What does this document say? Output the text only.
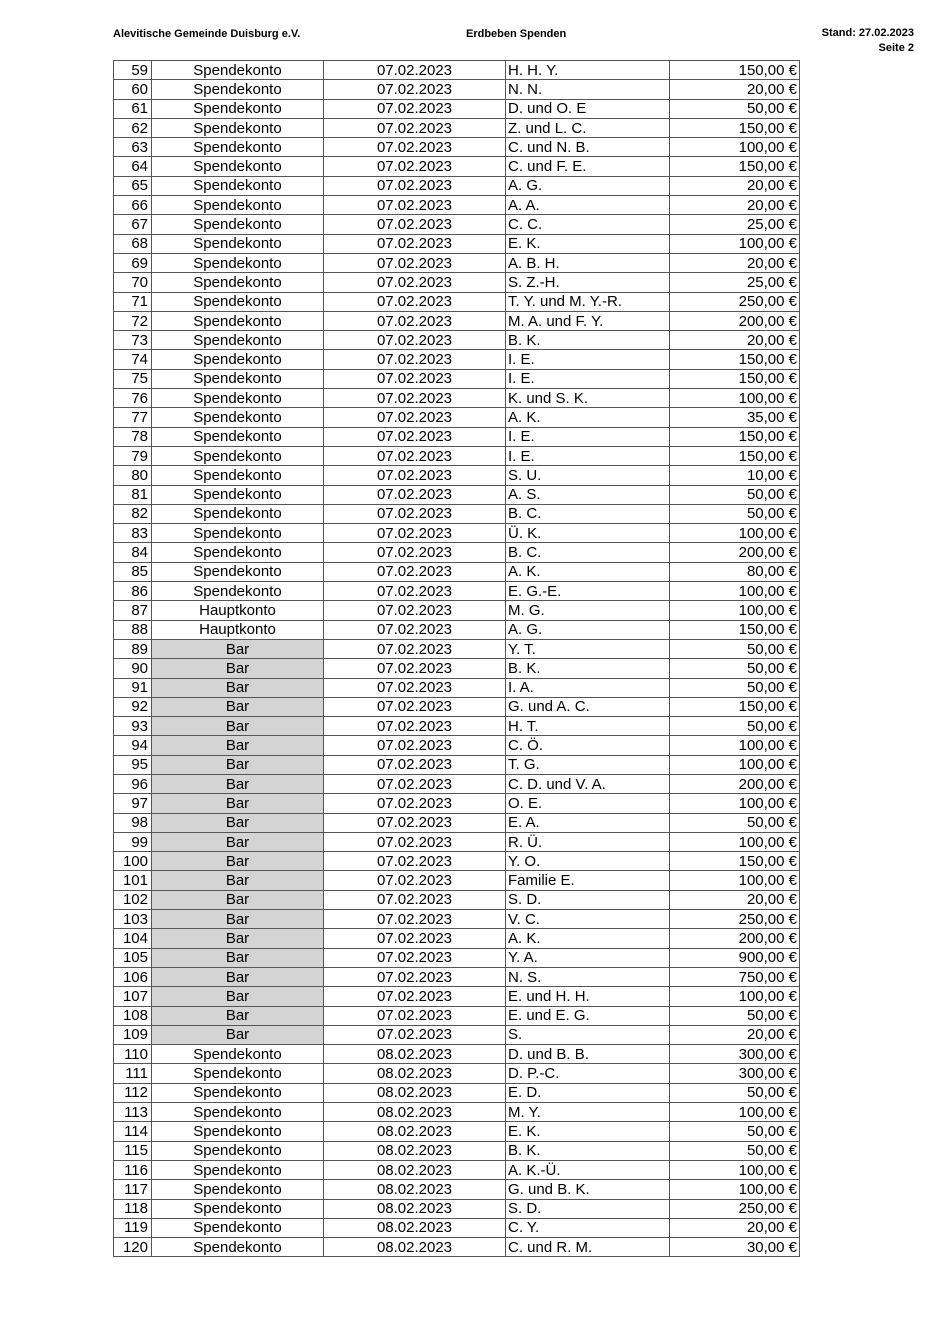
Alevitische Gemeinde Duisburg e.V.	Erdbeben Spenden	Stand: 27.02.2023
Seite 2
59	Spendekonto	07.02.2023	H. H. Y.	150,00 €
60	Spendekonto	07.02.2023	N. N.	20,00 €
61	Spendekonto	07.02.2023	D. und O. E	50,00 €
62	Spendekonto	07.02.2023	Z. und L. C.	150,00 €
63	Spendekonto	07.02.2023	C. und N. B.	100,00 €
64	Spendekonto	07.02.2023	C. und F. E.	150,00 €
65	Spendekonto	07.02.2023	A. G.	20,00 €
66	Spendekonto	07.02.2023	A. A.	20,00 €
67	Spendekonto	07.02.2023	C. C.	25,00 €
68	Spendekonto	07.02.2023	E. K.	100,00 €
69	Spendekonto	07.02.2023	A. B. H.	20,00 €
70	Spendekonto	07.02.2023	S. Z.-H.	25,00 €
71	Spendekonto	07.02.2023	T. Y. und M. Y.-R.	250,00 €
72	Spendekonto	07.02.2023	M. A. und F. Y.	200,00 €
73	Spendekonto	07.02.2023	B. K.	20,00 €
74	Spendekonto	07.02.2023	I. E.	150,00 €
75	Spendekonto	07.02.2023	I. E.	150,00 €
76	Spendekonto	07.02.2023	K. und S. K.	100,00 €
77	Spendekonto	07.02.2023	A. K.	35,00 €
78	Spendekonto	07.02.2023	I. E.	150,00 €
79	Spendekonto	07.02.2023	I. E.	150,00 €
80	Spendekonto	07.02.2023	S. U.	10,00 €
81	Spendekonto	07.02.2023	A. S.	50,00 €
82	Spendekonto	07.02.2023	B. C.	50,00 €
83	Spendekonto	07.02.2023	Ü. K.	100,00 €
84	Spendekonto	07.02.2023	B. C.	200,00 €
85	Spendekonto	07.02.2023	A. K.	80,00 €
86	Spendekonto	07.02.2023	E. G.-E.	100,00 €
87	Hauptkonto	07.02.2023	M. G.	100,00 €
88	Hauptkonto	07.02.2023	A. G.	150,00 €
89	Bar	07.02.2023	Y. T.	50,00 €
90	Bar	07.02.2023	B. K.	50,00 €
91	Bar	07.02.2023	I. A.	50,00 €
92	Bar	07.02.2023	G. und A. C.	150,00 €
93	Bar	07.02.2023	H. T.	50,00 €
94	Bar	07.02.2023	C. Ö.	100,00 €
95	Bar	07.02.2023	T. G.	100,00 €
96	Bar	07.02.2023	C. D. und V. A.	200,00 €
97	Bar	07.02.2023	O. E.	100,00 €
98	Bar	07.02.2023	E. A.	50,00 €
99	Bar	07.02.2023	R. Ü.	100,00 €
100	Bar	07.02.2023	Y. O.	150,00 €
101	Bar	07.02.2023	Familie E.	100,00 €
102	Bar	07.02.2023	S. D.	20,00 €
103	Bar	07.02.2023	V. C.	250,00 €
104	Bar	07.02.2023	A. K.	200,00 €
105	Bar	07.02.2023	Y. A.	900,00 €
106	Bar	07.02.2023	N. S.	750,00 €
107	Bar	07.02.2023	E. und H. H.	100,00 €
108	Bar	07.02.2023	E. und E. G.	50,00 €
109	Bar	07.02.2023	S.	20,00 €
110	Spendekonto	08.02.2023	D. und B. B.	300,00 €
111	Spendekonto	08.02.2023	D. P.-C.	300,00 €
112	Spendekonto	08.02.2023	E. D.	50,00 €
113	Spendekonto	08.02.2023	M. Y.	100,00 €
114	Spendekonto	08.02.2023	E. K.	50,00 €
115	Spendekonto	08.02.2023	B. K.	50,00 €
116	Spendekonto	08.02.2023	A. K.-Ü.	100,00 €
117	Spendekonto	08.02.2023	G. und B. K.	100,00 €
118	Spendekonto	08.02.2023	S. D.	250,00 €
119	Spendekonto	08.02.2023	C. Y.	20,00 €
120	Spendekonto	08.02.2023	C. und R. M.	30,00 €
